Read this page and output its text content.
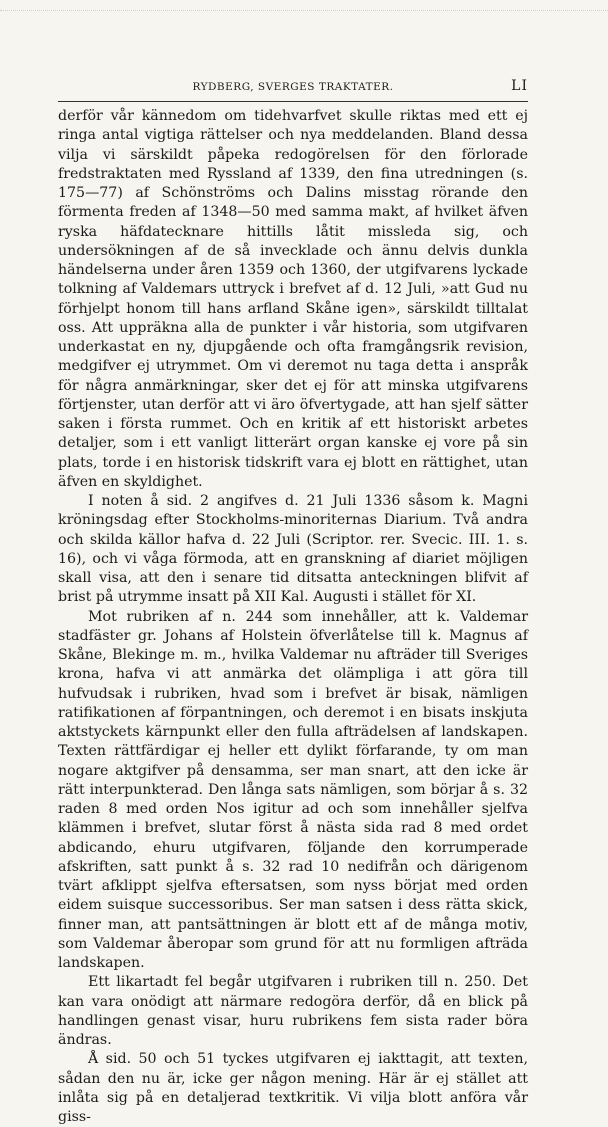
RYDBERG, SVERGES TRAKTATER.	LI

derför vår kännedom om tidehvarfvet skulle riktas med ett ej ringa antal vigtiga rättelser och nya meddelanden. Bland dessa vilja vi särskildt påpeka redogörelsen för den förlorade fredstraktaten med Ryssland af 1339, den fina utredningen (s. 175—77) af Schönströms och Dalins misstag rörande den förmenta freden af 1348—50 med samma makt, af hvilket äfven ryska häfdatecknare hittills låtit missleda sig, och undersökningen af de så invecklade och ännu delvis dunkla händelserna under åren 1359 och 1360, der utgifvarens lyckade tolkning af Valdemars uttryck i brefvet af d. 12 Juli, »att Gud nu förhjelpt honom till hans arfland Skåne igen», särskildt tilltalat oss. Att uppräkna alla de punkter i vår historia, som utgifvaren underkastat en ny, djupgående och ofta framgångsrik revision, medgifver ej utrymmet. Om vi deremot nu taga detta i anspråk för några anmärkningar, sker det ej för att minska utgifvarens förtjenster, utan derför att vi äro öfvertygade, att han sjelf sätter saken i första rummet. Och en kritik af ett historiskt arbetes detaljer, som i ett vanligt litterärt organ kanske ej vore på sin plats, torde i en historisk tidskrift vara ej blott en rättighet, utan äfven en skyldighet.

I noten å sid. 2 angifves d. 21 Juli 1336 såsom k. Magni kröningsdag efter Stockholms-minoriternas Diarium. Två andra och skilda källor hafva d. 22 Juli (Scriptor. rer. Svecic. III. 1. s. 16), och vi våga förmoda, att en granskning af diariet möjligen skall visa, att den i senare tid ditsatta anteckningen blifvit af brist på utrymme insatt på XII Kal. Augusti i stället för XI.

Mot rubriken af n. 244 som innehåller, att k. Valdemar stadfäster gr. Johans af Holstein öfverlåtelse till k. Magnus af Skåne, Blekinge m. m., hvilka Valdemar nu afträder till Sveriges krona, hafva vi att anmärka det olämpliga i att göra till hufvudsak i rubriken, hvad som i brefvet är bisak, nämligen ratifikationen af förpantningen, och deremot i en bisats inskjuta aktstyckets kärnpunkt eller den fulla afträdelsen af landskapen. Texten rättfärdigar ej heller ett dylikt förfarande, ty om man nogare aktgifver på densamma, ser man snart, att den icke är rätt interpunkterad. Den långa sats nämligen, som börjar å s. 32 raden 8 med orden Nos igitur ad och som innehåller sjelfva klämmen i brefvet, slutar först å nästa sida rad 8 med ordet abdicando, ehuru utgifvaren, följande den korrumperade afskriften, satt punkt å s. 32 rad 10 nedifrån och därigenom tvärt afklippt sjelfva eftersatsen, som nyss börjat med orden eidem suisque successoribus. Ser man satsen i dess rätta skick, finner man, att pantsättningen är blott ett af de många motiv, som Valdemar åberopar som grund för att nu formligen afträda landskapen.

Ett likartadt fel begår utgifvaren i rubriken till n. 250. Det kan vara onödigt att närmare redogöra derför, då en blick på handlingen genast visar, huru rubrikens fem sista rader böra ändras.

Å sid. 50 och 51 tyckes utgifvaren ej iakttagit, att texten, sådan den nu är, icke ger någon mening. Här är ej stället att inlåta sig på en detaljerad textkritik. Vi vilja blott anföra vår giss-
